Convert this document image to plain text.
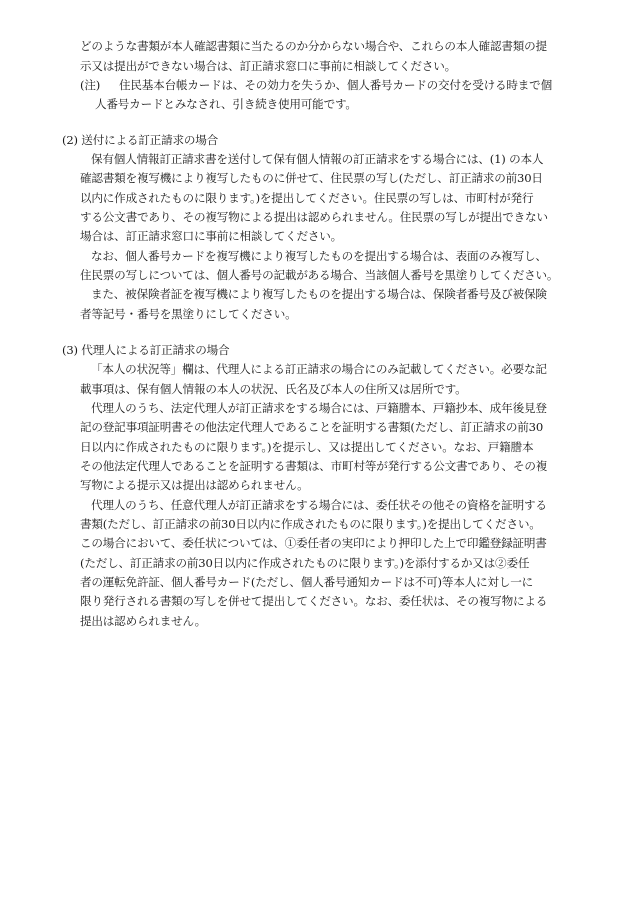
どのような書類が本人確認書類に当たるのか分からない場合や、これらの本人確認書類の提
示又は提出ができない場合は、訂正請求窓口に事前に相談してください。
(注) 住民基本台帳カードは、その効力を失うか、個人番号カードの交付を受ける時まで個
人番号カードとみなされ、引き続き使用可能です。
(2) 送付による訂正請求の場合
保有個人情報訂正請求書を送付して保有個人情報の訂正請求をする場合には、(1) の本人
確認書類を複写機により複写したものに併せて、住民票の写し(ただし、訂正請求の前30日
以内に作成されたものに限ります。)を提出してください。住民票の写しは、市町村が発行
する公文書であり、その複写物による提出は認められません。住民票の写しが提出できない
場合は、訂正請求窓口に事前に相談してください。
なお、個人番号カードを複写機により複写したものを提出する場合は、表面のみ複写し、
住民票の写しについては、個人番号の記載がある場合、当該個人番号を黒塗りしてください。
また、被保険者証を複写機により複写したものを提出する場合は、保険者番号及び被保険
者等記号・番号を黒塗りにしてください。
(3) 代理人による訂正請求の場合
「本人の状況等」欄は、代理人による訂正請求の場合にのみ記載してください。必要な記
載事項は、保有個人情報の本人の状況、氏名及び本人の住所又は居所です。
代理人のうち、法定代理人が訂正請求をする場合には、戸籍謄本、戸籍抄本、成年後見登
記の登記事項証明書その他法定代理人であることを証明する書類(ただし、訂正請求の前30
日以内に作成されたものに限ります。)を提示し、又は提出してください。なお、戸籍謄本
その他法定代理人であることを証明する書類は、市町村等が発行する公文書であり、その複
写物による提示又は提出は認められません。
代理人のうち、任意代理人が訂正請求をする場合には、委任状その他その資格を証明する
書類(ただし、訂正請求の前30日以内に作成されたものに限ります。)を提出してください。
この場合において、委任状については、①委任者の実印により押印した上で印鑑登録証明書
(ただし、訂正請求の前30日以内に作成されたものに限ります。)を添付するか又は②委任
者の運転免許証、個人番号カード(ただし、個人番号通知カードは不可)等本人に対し一に
限り発行される書類の写しを併せて提出してください。なお、委任状は、その複写物による
提出は認められません。
